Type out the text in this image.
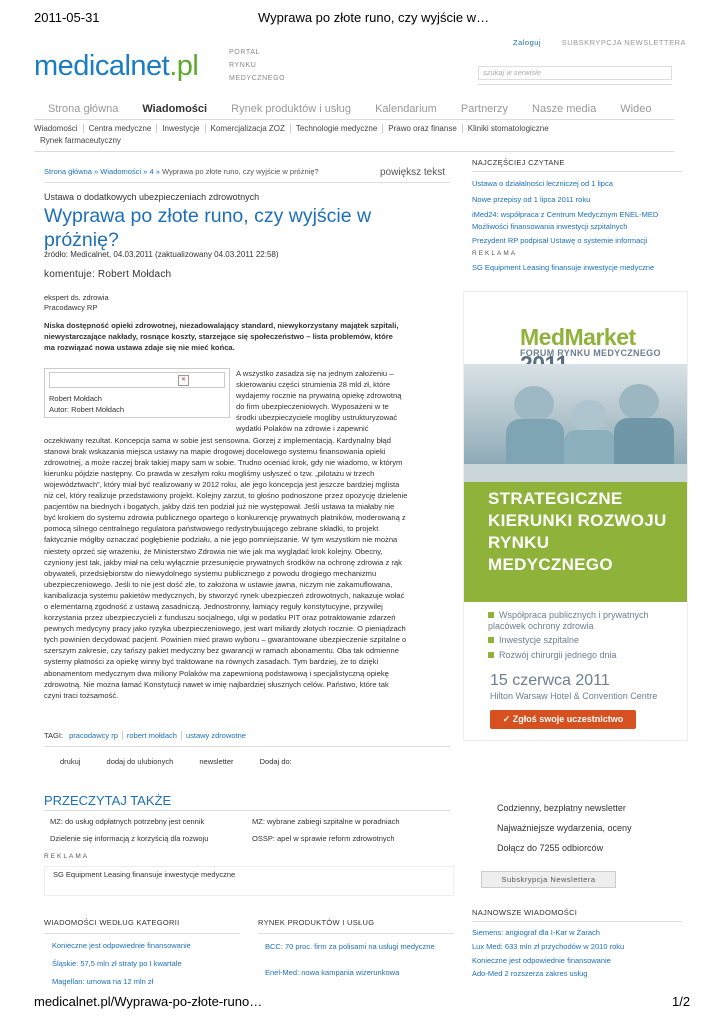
2011-05-31	Wyprawa po złote runo, czy wyjście w…
medicalnet.pl	PORTAL
RYNKU
MEDYCZNEGO
Zaloguj	SUBSKRYPCJA NEWSLETTERA
szukaj w serwisie
Strona główna Wiadomości Rynek produktów i usług Kalendarium Partnerzy Nasze media Wideo
Wiadomości Centra medyczne Inwestycje Komercjalizacja ZOZ Technologie medyczne Prawo oraz finanse Kliniki stomatologiczne
Rynek farmaceutyczny
Strona główna » Wiadomości » 4 » Wyprawa po złote runo, czy wyjście w próżnię?	powiększ tekst
Ustawa o dodatkowych ubezpieczeniach zdrowotnych
Wyprawa po złote runo, czy wyjście w próżnię?
źródło: Medicalnet, 04.03.2011 (zaktualizowany 04.03.2011 22:58)
komentuje: Robert Mołdach
ekspert ds. zdrowia
Pracodawcy RP
Niska dostępność opieki zdrowotnej, niezadowalający standard, niewykorzystany majątek szpitali, niewystarczające nakłady, rosnące koszty, starzejące się społeczeństwo – lista problemów, które ma rozwiązać nowa ustawa zdaje się nie mieć końca.
A wszystko zasadza się na jednym założeniu – skierowaniu części strumienia 28 mld zł, które wydajemy rocznie na prywatną opiekę zdrowotną do firm ubezpieczeniowych. Wyposażeni w te środki ubezpieczyciele mogliby ustrukturyzować wydatki Polaków na zdrowie i zapewnić oczekiwany rezultat. Koncepcja sama w sobie jest sensowna. Gorzej z implementacją. Kardynalny błąd stanowi brak wskazania miejsca ustawy na mapie drogowej docelowego systemu finansowania opieki zdrowotnej, a może raczej brak takiej mapy sam w sobie. Trudno oceniać krok, gdy nie wiadomo, w którym kierunku pójdzie następny. Co prawda w zeszłym roku mogliśmy usłyszeć o tzw. „pilotażu w trzech województwach”, który miał być realizowany w 2012 roku, ale jego koncepcja jest jeszcze bardziej mglista niż cel, który realizuje przedstawiony projekt. Kolejny zarzut, to głośno podnoszone przez opozycję dzielenie pacjentów na biednych i bogatych, jakby dziś ten podział już nie występował. Jeśli ustawa ta miałaby nie być krokiem do systemu zdrowia publicznego opartego o konkurencję prywatnych płatników, moderowaną z pomocą silnego centralnego regulatora państwowego redystrybuującego zebrane składki, to projekt faktycznie mógłby oznaczać pogłębienie podziału, a nie jego pomniejszanie. W tym wszystkim nie można niestety oprzeć się wrażeniu, że Ministerstwo Zdrowia nie wie jak ma wyglądać krok kolejny. Obecny, czyniony jest tak, jakby miał na celu wyłącznie przesunięcie prywatnych środków na ochronę zdrowia z rąk obywateli, przedsiębiorstw do niewydolnego systemu publicznego z powodu drogiego mechanizmu ubezpieczeniowego. Jeśli to nie jest dość złe, to założona w ustawie jawna, niczym nie zakamuflowana, kanibalizacja systemu pakietów medycznych, by stworzyć rynek ubezpieczeń zdrowotnych, nakazuje wołać o elementarną zgodność z ustawą zasadniczą. Jednostronny, łamiący reguły konstytucyjne, przywilej korzystania przez ubezpieczycieli z funduszu socjalnego, ulgi w podatku PIT oraz potraktowanie zdarzeń pewnych medycyny pracy jako ryzyka ubezpieczeniowego, jest wart miliardy złotych rocznie. O pieniądzach tych powinien decydować pacjent. Powinien mieć prawo wyboru – gwarantowane ubezpieczenie szpitalne o szerszym zakresie, czy tańszy pakiet medyczny bez gwarancji w ramach abonamentu. Oba tak odmienne systemy płatności za opiekę winny być traktowane na równych zasadach. Tym bardziej, że to dzięki abonamentom medycznym dwa miliony Polaków ma zapewnioną podstawową i specjalistyczną opiekę zdrowotną. Nie można łamać Konstytucji nawet w imię najbardziej słusznych celów. Państwo, które tak czyni traci tożsamość.
✕
Robert Mołdach
Autor: Robert Mołdach
TAGI: pracodawcy rp robert mołdach ustawy zdrowotne
drukuj	dodaj do ulubionych	newsletter	Dodaj do:
PRZECZYTAJ TAKŻE
MZ: do usług odpłatnych potrzebny jest cennik	MZ: wybrane zabiegi szpitalne w poradniach
Dzielenie się informacją z korzyścią dla rozwoju	OSSP: apel w sprawie reform zdrowotnych
REKLAMA
SG Equipment Leasing finansuje inwestycje medyczne
WIADOMOŚCI WEDŁUG KATEGORII
Konieczne jest odpowiednie finansowanie
Śląskie: 57,5 mln zł straty po I kwartale
Magellan: umowa na 12 mln zł
RYNEK PRODUKTÓW I USŁUG
BCC: 70 proc. firm za polisami na usługi medyczne
Enel-Med: nowa kampania wizerunkowa
NAJCZĘŚCIEJ CZYTANE
Ustawa o działalności leczniczej od 1 lipca
Nowe przepisy od 1 lipca 2011 roku
iMed24: współpraca z Centrum Medycznym ENEL-MED
Możliwości finansowania inwestycji szpitalnych
Prezydent RP podpisał Ustawę o systemie informacji
REKLAMA
SG Equipment Leasing finansuje inwestycje medyczne
MedMarket
FORUM RYNKU MEDYCZNEGO
STRATEGICZNE KIERUNKI ROZWOJU RYNKU MEDYCZNEGO
Współpraca publicznych i prywatnych placówek ochrony zdrowia
Inwestycje szpitalne
Rozwój chirurgii jednego dnia
15 czerwca 2011
Hilton Warsaw Hotel & Convention Centre
✓ Zgłoś swoje uczestnictwo
Codzienny, bezpłatny newsletter
Najważniejsze wydarzenia, oceny
Dołącz do 7255 odbiorców
Subskrypcja Newslettera
NAJNOWSZE WIADOMOŚCI
Siemens: angiograf dla I-Kar w Żarach
Lux Med: 633 mln zł przychodów w 2010 roku
Konieczne jest odpowiednie finansowanie
Ado-Med 2 rozszerza zakres usług
medicalnet.pl/Wyprawa-po-złote-runo…	1/2
